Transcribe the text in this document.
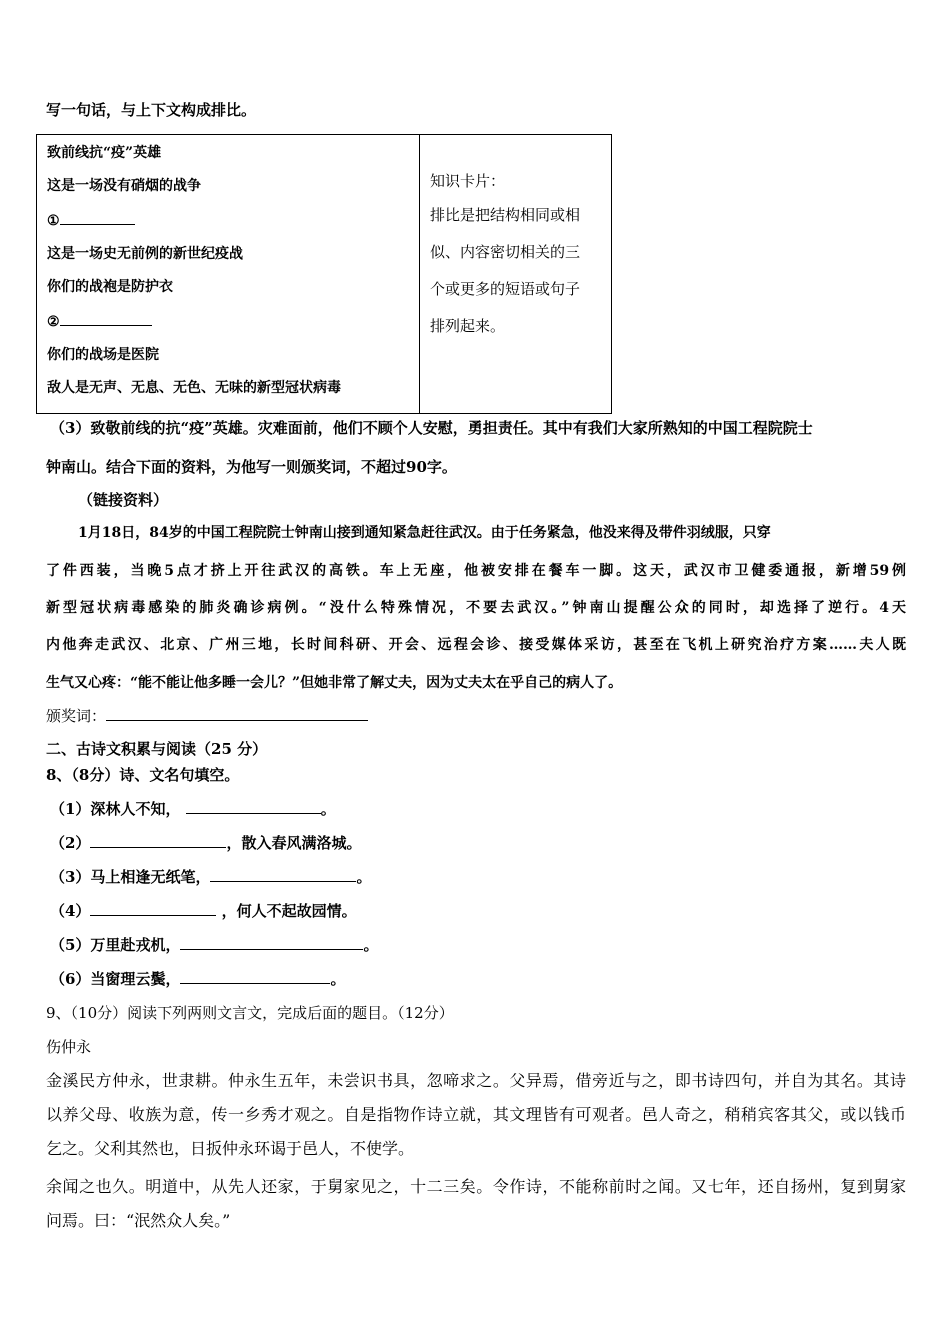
写一句话，与上下文构成排比。
致前线抗“疫”英雄
这是一场没有硝烟的战争
①
这是一场史无前例的新世纪疫战
你们的战袍是防护衣
②
你们的战场是医院
敌人是无声、无息、无色、无味的新型冠状病毒
知识卡片：
排比是把结构相同或相
似、内容密切相关的三
个或更多的短语或句子
排列起来。
（3）致敬前线的抗“疫”英雄。灾难面前，他们不顾个人安慰，勇担责任。其中有我们大家所熟知的中国工程院院士
钟南山。结合下面的资料，为他写一则颁奖词，不超过90字。
（链接资料）
1月18日，84岁的中国工程院院士钟南山接到通知紧急赶往武汉。由于任务紧急，他没来得及带件羽绒服，只穿
了件西装，当晚5点才挤上开往武汉的高铁。车上无座，他被安排在餐车一脚。这天，武汉市卫健委通报，新增59例
新型冠状病毒感染的肺炎确诊病例。“没什么特殊情况，不要去武汉。”钟南山提醒公众的同时，却选择了逆行。4天
内他奔走武汉、北京、广州三地，长时间科研、开会、远程会诊、接受媒体采访，甚至在飞机上研究治疗方案……夫人既
生气又心疼：“能不能让他多睡一会儿？”但她非常了解丈夫，因为丈夫太在乎自己的病人了。
颁奖词：
二、古诗文积累与阅读（25 分）
8、（8分）诗、文名句填空。
（1）深林人不知，	。
（2）	，散入春风满洛城。
（3）马上相逢无纸笔，	。
（4）	，何人不起故园情。
（5）万里赴戎机，	。
（6）当窗理云鬓，	。
9、（10分）阅读下列两则文言文，完成后面的题目。（12分）
伤仲永
金溪民方仲永，世隶耕。仲永生五年，未尝识书具，忽啼求之。父异焉，借旁近与之，即书诗四句，并自为其名。其诗
以养父母、收族为意，传一乡秀才观之。自是指物作诗立就，其文理皆有可观者。邑人奇之，稍稍宾客其父，或以钱币
乞之。父利其然也，日扳仲永环谒于邑人，不使学。
余闻之也久。明道中，从先人还家，于舅家见之，十二三矣。令作诗，不能称前时之闻。又七年，还自扬州，复到舅家
问焉。曰：“泯然众人矣。”
